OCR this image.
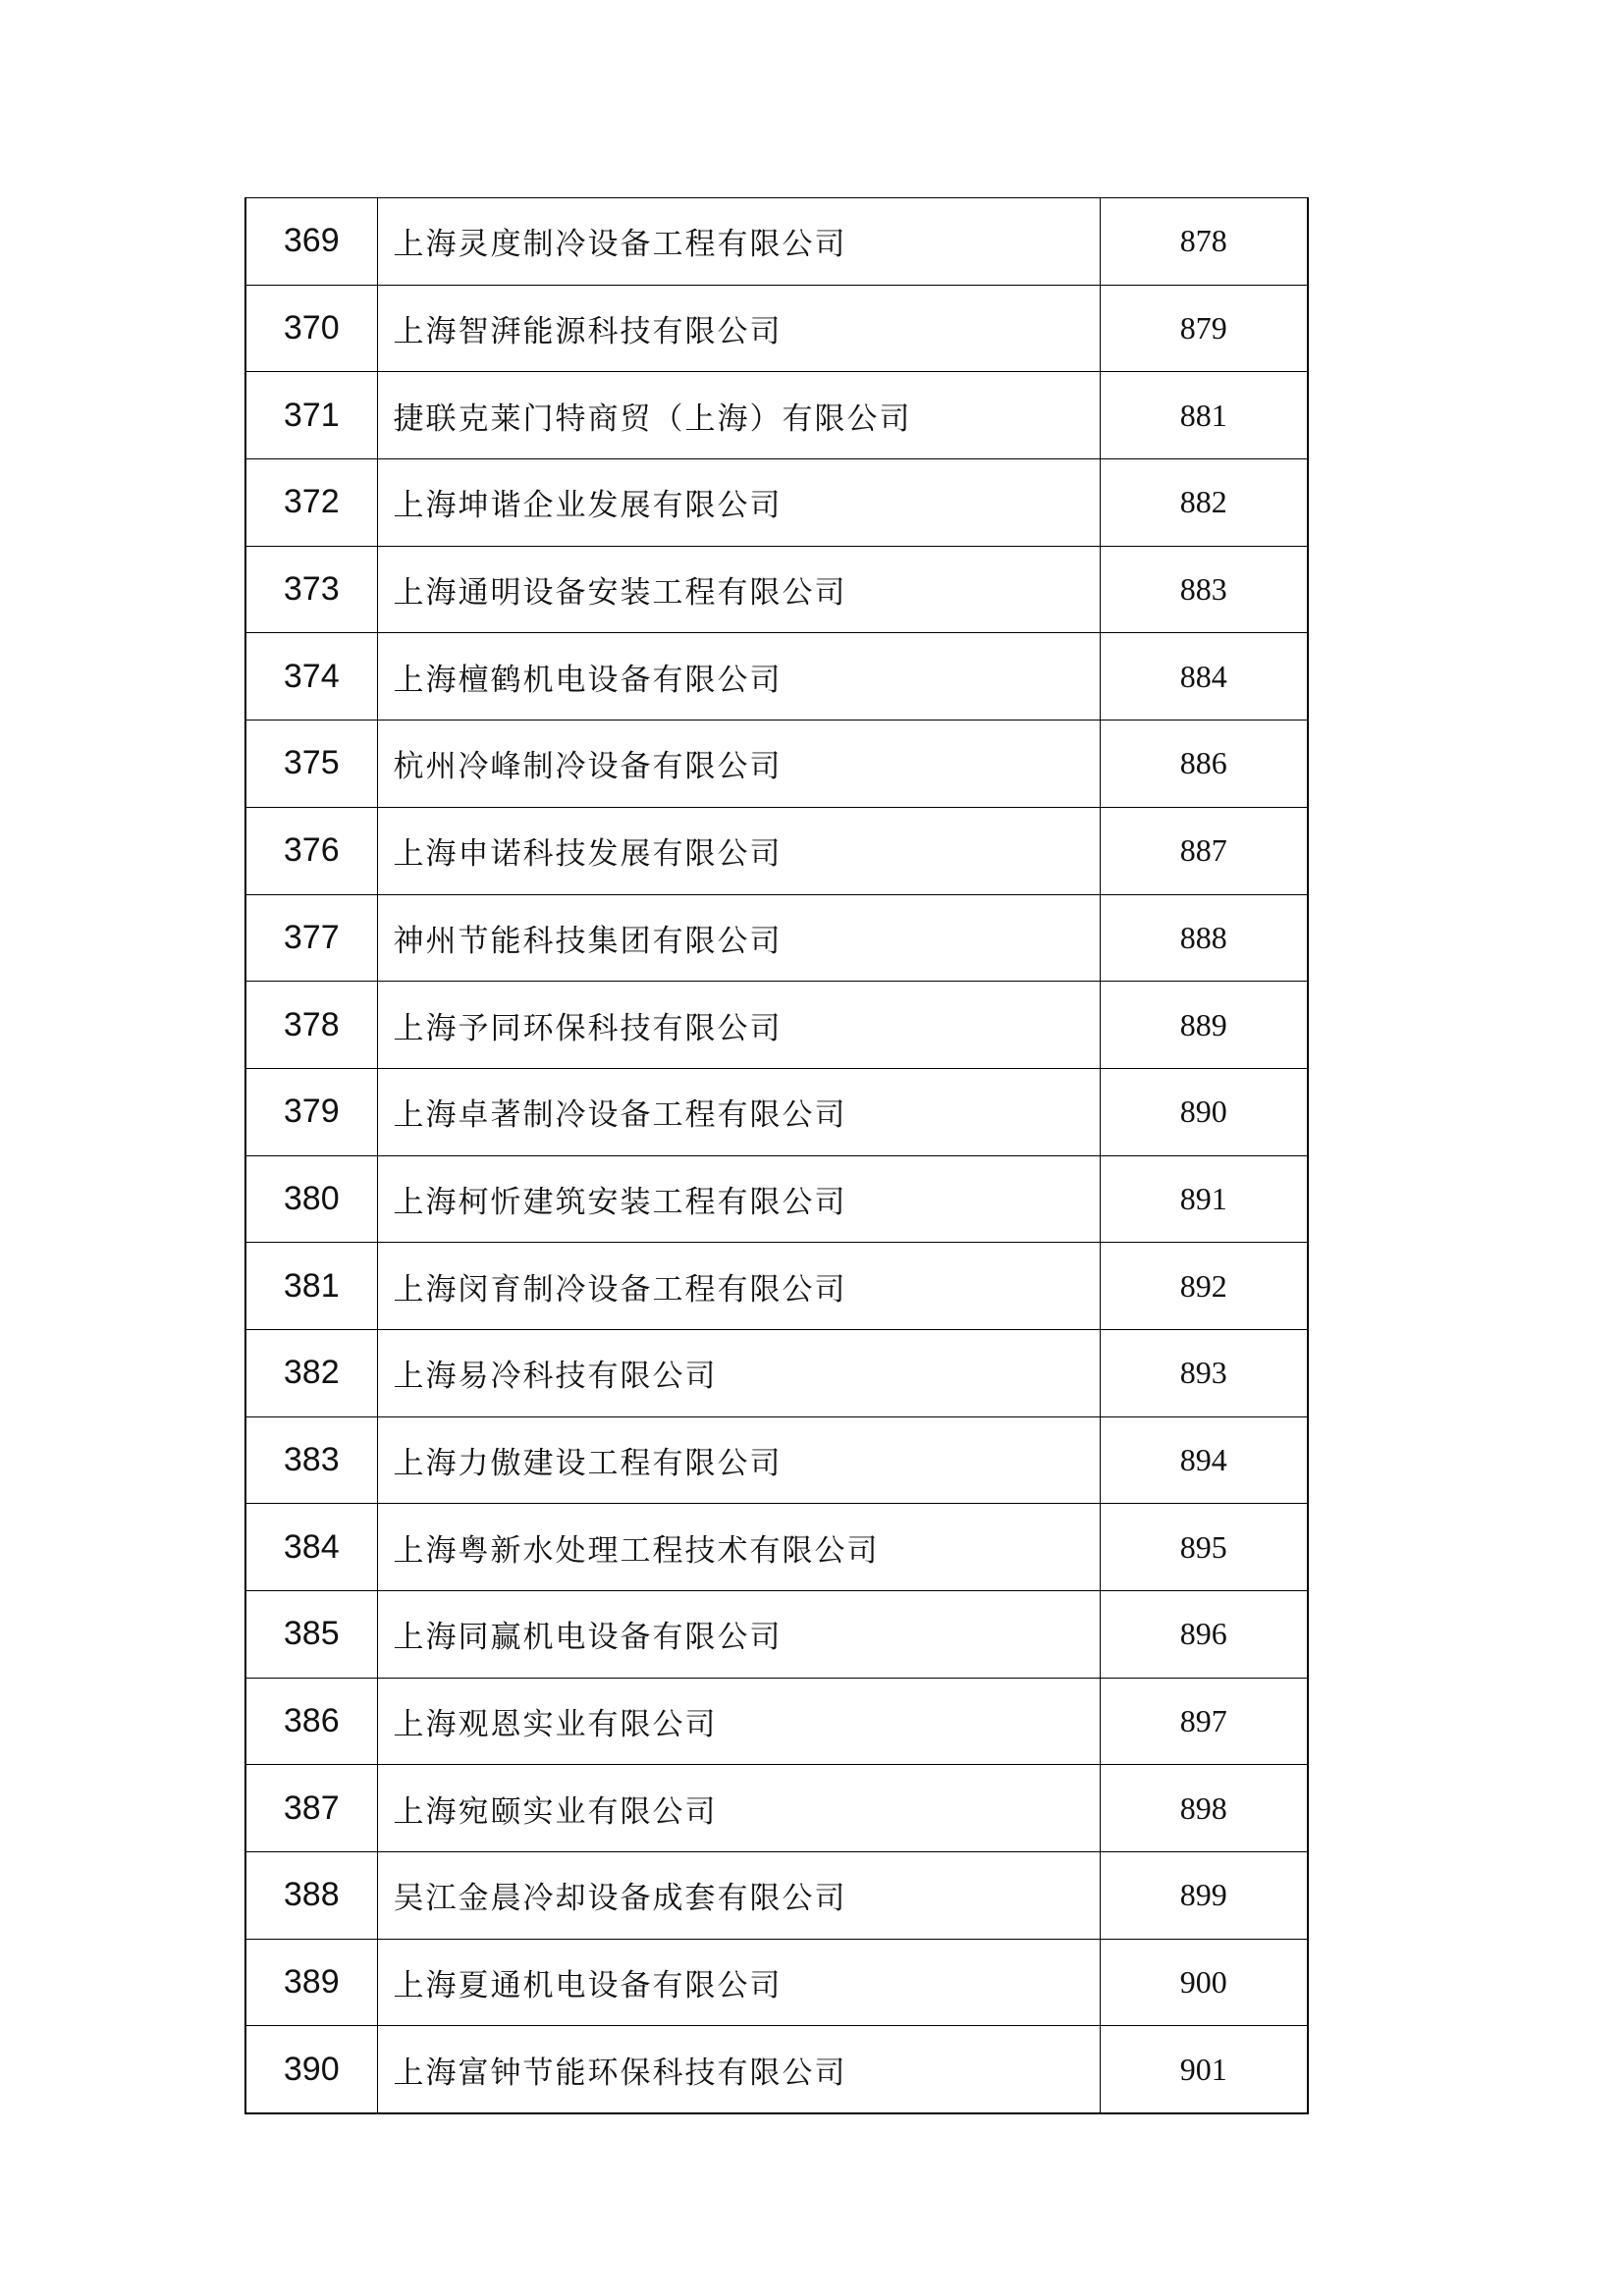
369	上海灵度制冷设备工程有限公司	878
370	上海智湃能源科技有限公司	879
371	捷联克莱门特商贸（上海）有限公司	881
372	上海坤谐企业发展有限公司	882
373	上海通明设备安装工程有限公司	883
374	上海檀鹤机电设备有限公司	884
375	杭州冷峰制冷设备有限公司	886
376	上海申诺科技发展有限公司	887
377	神州节能科技集团有限公司	888
378	上海予同环保科技有限公司	889
379	上海卓著制冷设备工程有限公司	890
380	上海柯忻建筑安装工程有限公司	891
381	上海闵育制冷设备工程有限公司	892
382	上海易冷科技有限公司	893
383	上海力傲建设工程有限公司	894
384	上海粤新水处理工程技术有限公司	895
385	上海同赢机电设备有限公司	896
386	上海观恩实业有限公司	897
387	上海宛颐实业有限公司	898
388	吴江金晨冷却设备成套有限公司	899
389	上海夏通机电设备有限公司	900
390	上海富钟节能环保科技有限公司	901
